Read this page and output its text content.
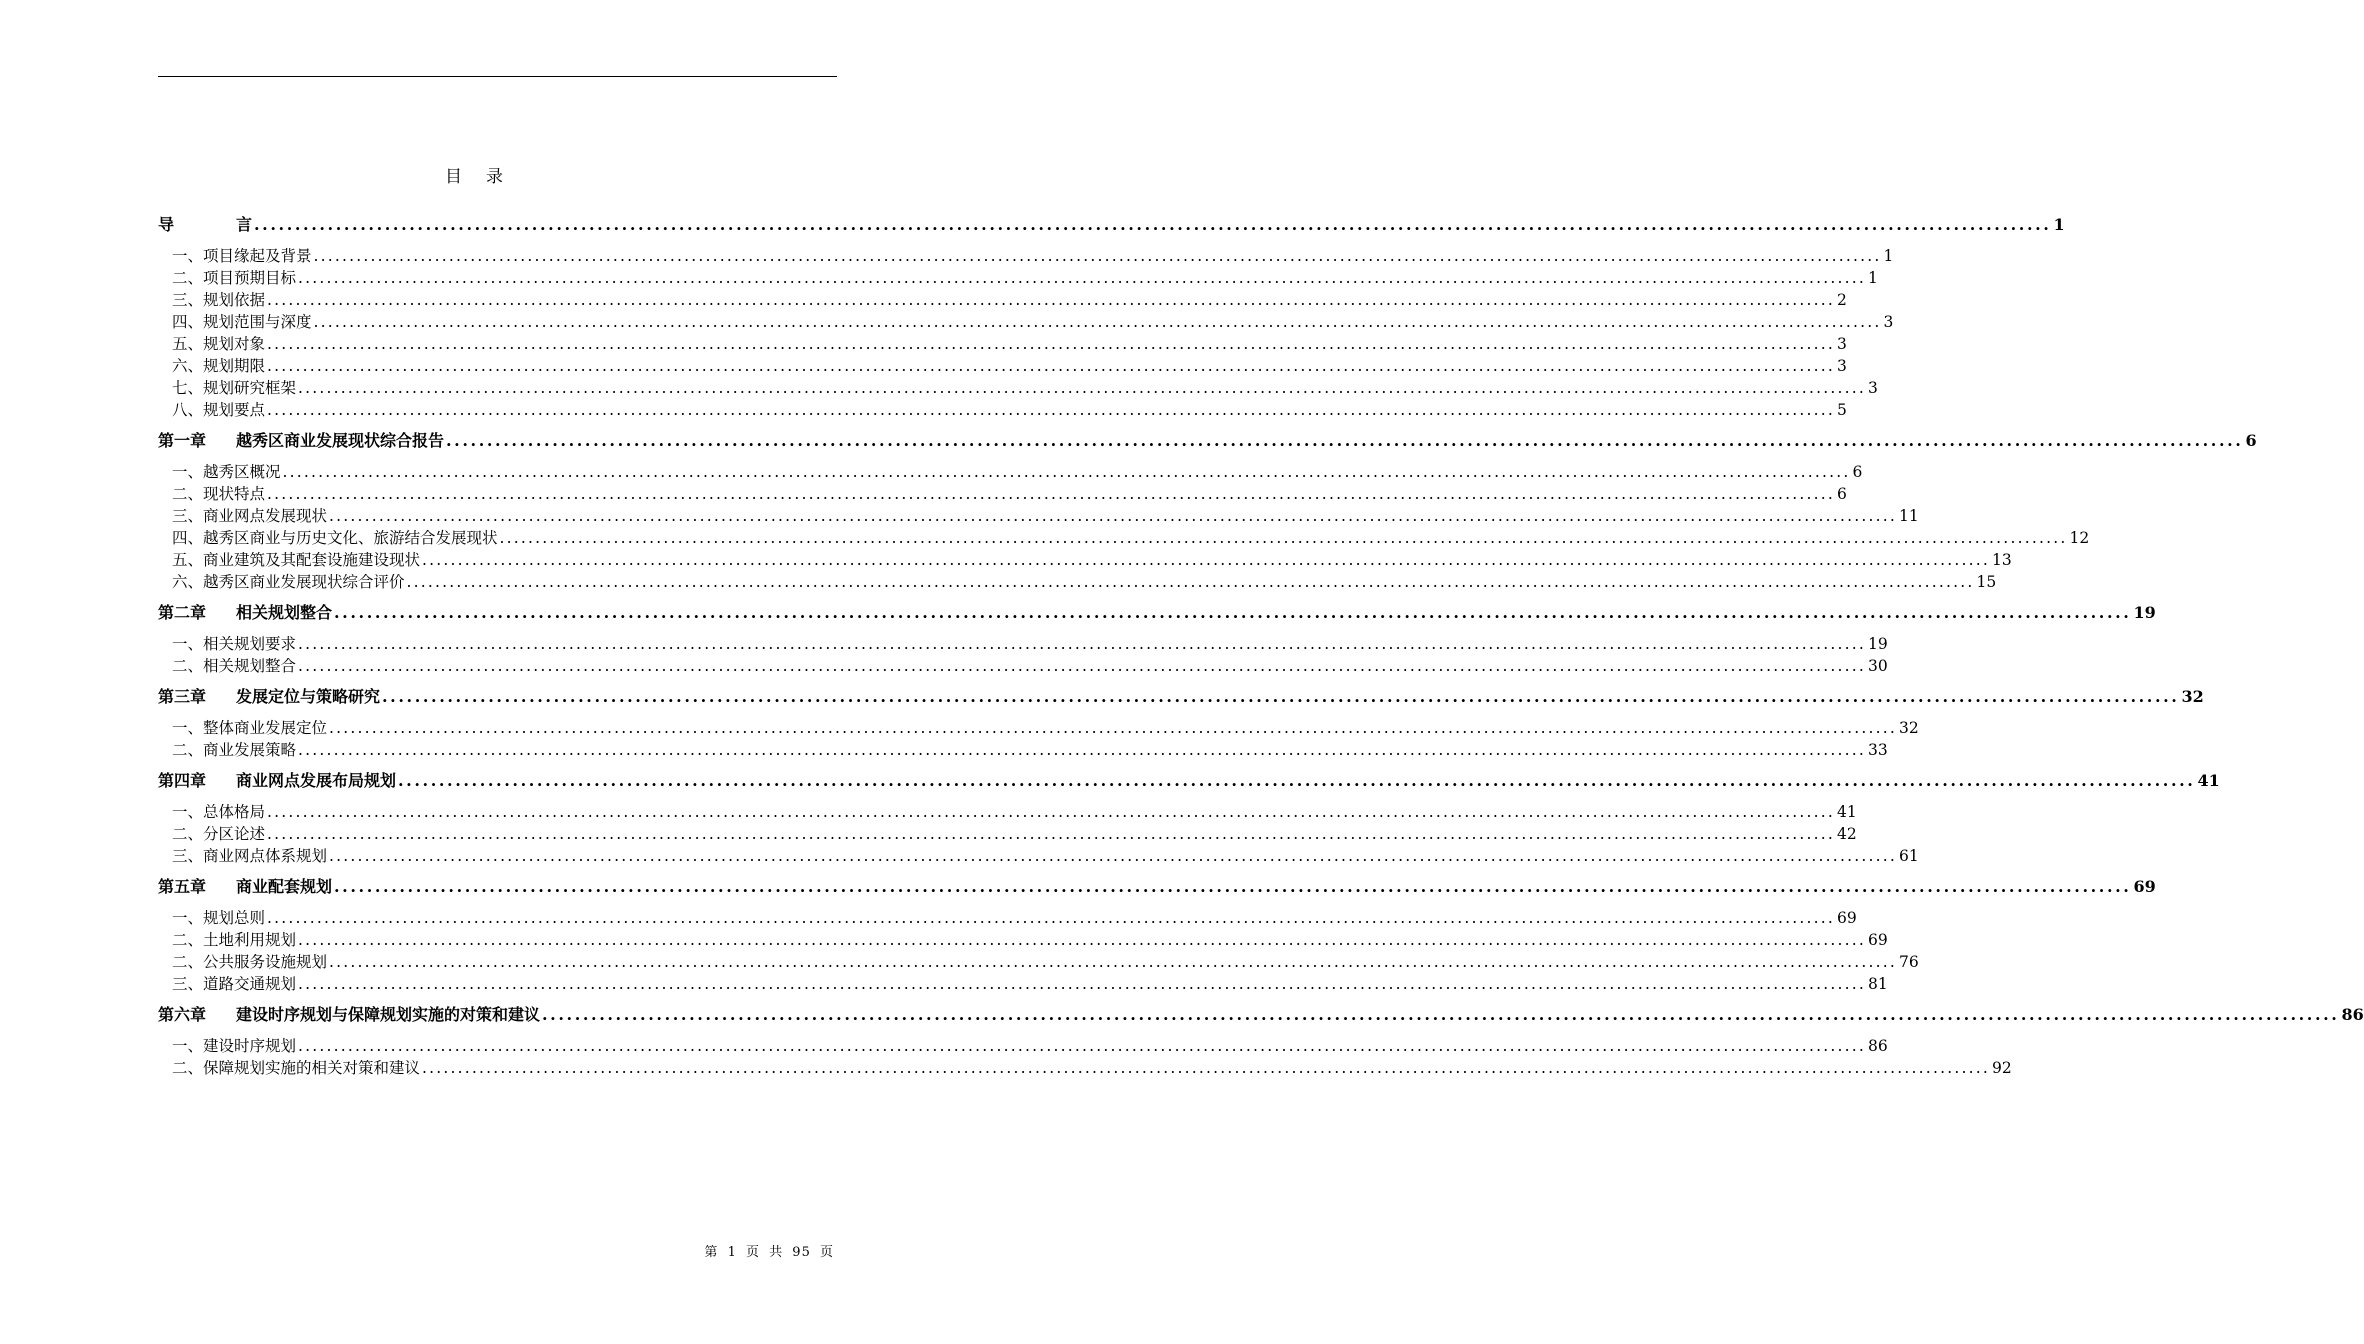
目 录
导	言 ............................................................................................................................................................................................................................ 1
一、项目缘起及背景 ............................................................................................................................................................................................................................ 1
二、项目预期目标 ............................................................................................................................................................................................................................ 1
三、规划依据 ............................................................................................................................................................................................................................ 2
四、规划范围与深度 ............................................................................................................................................................................................................................ 3
五、规划对象 ............................................................................................................................................................................................................................ 3
六、规划期限 ............................................................................................................................................................................................................................ 3
七、规划研究框架 ............................................................................................................................................................................................................................ 3
八、规划要点 ............................................................................................................................................................................................................................ 5
第一章	越秀区商业发展现状综合报告 ............................................................................................................................................................................................................................ 6
一、越秀区概况 ............................................................................................................................................................................................................................ 6
二、现状特点 ............................................................................................................................................................................................................................ 6
三、商业网点发展现状 ............................................................................................................................................................................................................................ 11
四、越秀区商业与历史文化、旅游结合发展现状 ............................................................................................................................................................................................................................ 12
五、商业建筑及其配套设施建设现状 ............................................................................................................................................................................................................................ 13
六、越秀区商业发展现状综合评价 ............................................................................................................................................................................................................................ 15
第二章	相关规划整合 ............................................................................................................................................................................................................................ 19
一、相关规划要求 ............................................................................................................................................................................................................................ 19
二、相关规划整合 ............................................................................................................................................................................................................................ 30
第三章	发展定位与策略研究 ............................................................................................................................................................................................................................ 32
一、整体商业发展定位 ............................................................................................................................................................................................................................ 32
二、商业发展策略 ............................................................................................................................................................................................................................ 33
第四章	商业网点发展布局规划 ............................................................................................................................................................................................................................ 41
一、总体格局 ............................................................................................................................................................................................................................ 41
二、分区论述 ............................................................................................................................................................................................................................ 42
三、商业网点体系规划 ............................................................................................................................................................................................................................ 61
第五章	商业配套规划 ............................................................................................................................................................................................................................ 69
一、规划总则 ............................................................................................................................................................................................................................ 69
二、土地利用规划 ............................................................................................................................................................................................................................ 69
二、公共服务设施规划 ............................................................................................................................................................................................................................ 76
三、道路交通规划 ............................................................................................................................................................................................................................ 81
第六章	建设时序规划与保障规划实施的对策和建议 ............................................................................................................................................................................................................................ 86
一、建设时序规划 ............................................................................................................................................................................................................................ 86
二、保障规划实施的相关对策和建议 ............................................................................................................................................................................................................................ 92
第 1 页 共 95 页
